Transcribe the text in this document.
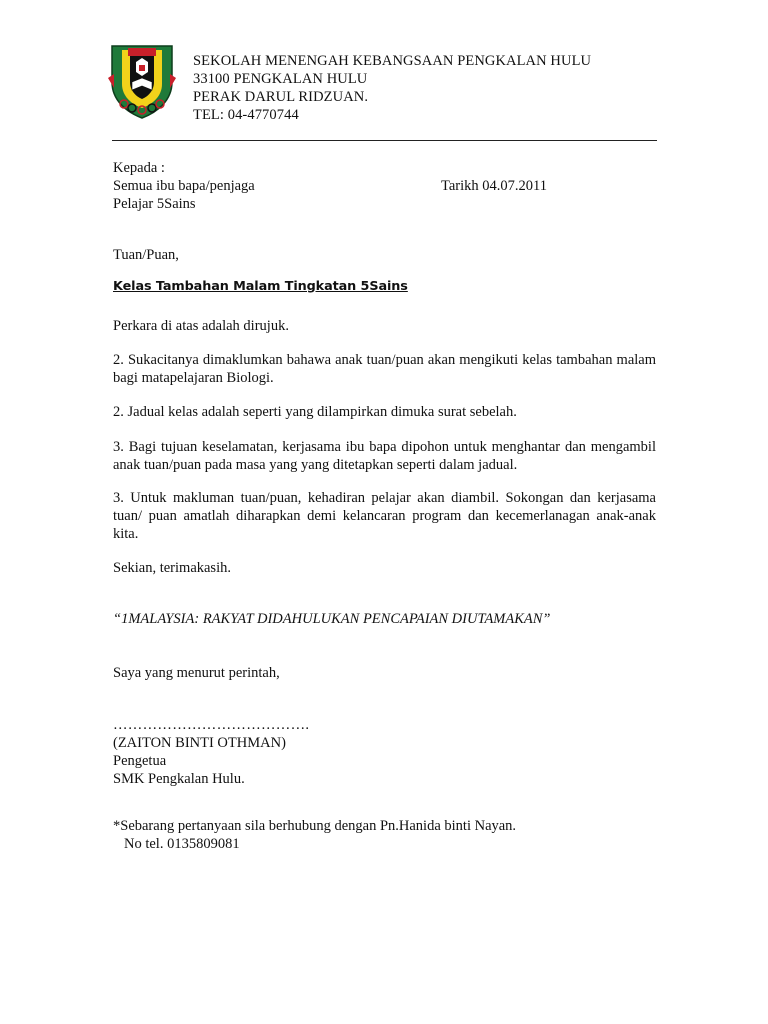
SEKOLAH MENENGAH KEBANGSAAN PENGKALAN HULU
33100 PENGKALAN HULU
PERAK DARUL RIDZUAN.
TEL: 04-4770744
Kepada :
Semua ibu bapa/penjaga
Pelajar 5Sains
Tarikh 04.07.2011
Tuan/Puan,
Kelas Tambahan Malam Tingkatan 5Sains
Perkara di atas adalah dirujuk.
2. Sukacitanya dimaklumkan bahawa anak tuan/puan akan mengikuti kelas tambahan malam bagi matapelajaran Biologi.
2. Jadual kelas adalah seperti yang dilampirkan dimuka surat sebelah.
3. Bagi tujuan keselamatan, kerjasama ibu bapa dipohon untuk menghantar dan mengambil anak tuan/puan pada masa yang yang ditetapkan seperti dalam jadual.
3. Untuk makluman tuan/puan, kehadiran pelajar akan diambil. Sokongan dan kerjasama tuan/ puan amatlah diharapkan demi kelancaran program dan kecemerlanagan anak-anak kita.
Sekian, terimakasih.
“1MALAYSIA: RAKYAT DIDAHULUKAN PENCAPAIAN DIUTAMAKAN”
Saya yang menurut perintah,
………………………………….
(ZAITON BINTI OTHMAN)
Pengetua
SMK Pengkalan Hulu.
*Sebarang pertanyaan sila berhubung dengan Pn.Hanida binti Nayan.
No tel. 0135809081
